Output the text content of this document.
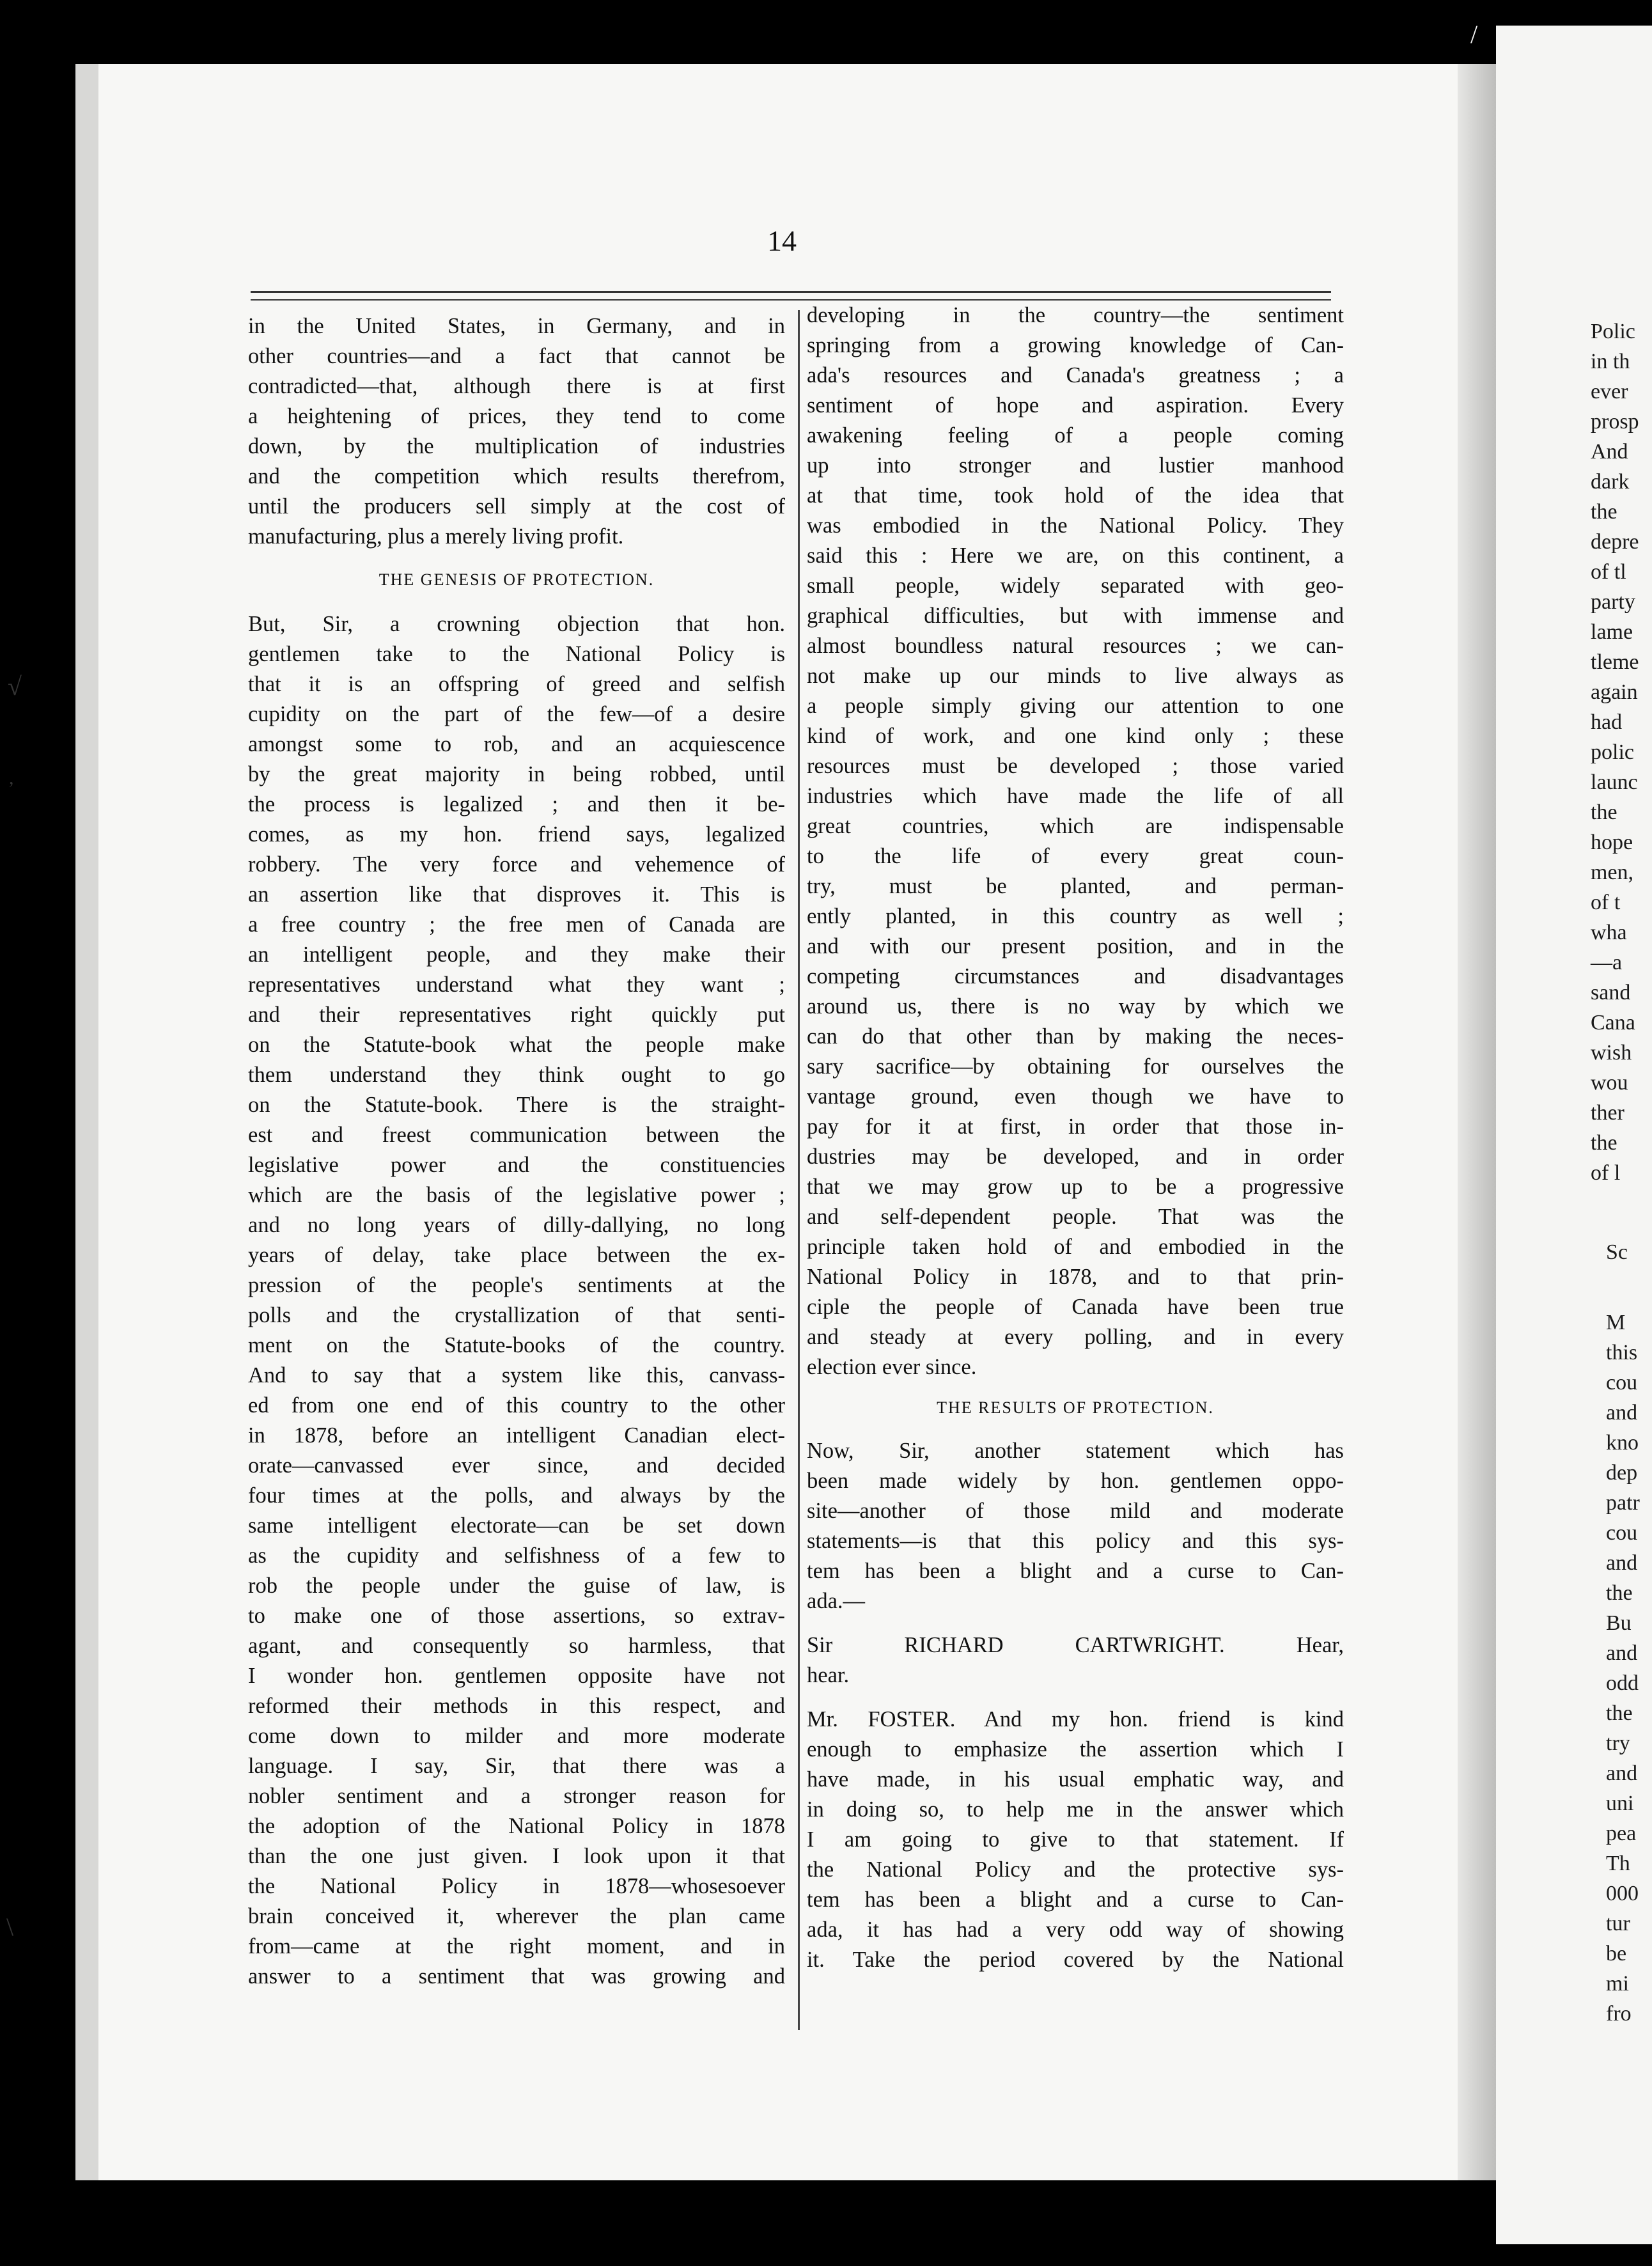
Polic
in th
ever
prosp
And
dark
the
depre
of tl
party
lame
tleme
again
had
polic
launc
the
hope
men,
of t
wha
—a
sand
Cana
wish
wou
ther
the
of l
Sc
M
this
cou
and
kno
dep
patr
cou
and
the
Bu
and
odd
the
try
and
uni
pea
Th
000
tur
be
mi
fro
14
in the United States, in Germany, and in
other countries—and a fact that cannot be
contradicted—that, although there is at first
a heightening of prices, they tend to come
down, by the multiplication of industries
and the competition which results therefrom,
until the producers sell simply at the cost of
manufacturing, plus a merely living profit.
THE GENESIS OF PROTECTION.
But, Sir, a crowning objection that hon.
gentlemen take to the National Policy is
that it is an offspring of greed and selfish
cupidity on the part of the few—of a desire
amongst some to rob, and an acquiescence
by the great majority in being robbed, until
the process is legalized ; and then it be-
comes, as my hon. friend says, legalized
robbery. The very force and vehemence of
an assertion like that disproves it. This is
a free country ; the free men of Canada are
an intelligent people, and they make their
representatives understand what they want ;
and their representatives right quickly put
on the Statute-book what the people make
them understand they think ought to go
on the Statute-book. There is the straight-
est and freest communication between the
legislative power and the constituencies
which are the basis of the legislative power ;
and no long years of dilly-dallying, no long
years of delay, take place between the ex-
pression of the people's sentiments at the
polls and the crystallization of that senti-
ment on the Statute-books of the country.
And to say that a system like this, canvass-
ed from one end of this country to the other
in 1878, before an intelligent Canadian elect-
orate—canvassed ever since, and decided
four times at the polls, and always by the
same intelligent electorate—can be set down
as the cupidity and selfishness of a few to
rob the people under the guise of law, is
to make one of those assertions, so extrav-
agant, and consequently so harmless, that
I wonder hon. gentlemen opposite have not
reformed their methods in this respect, and
come down to milder and more moderate
language. I say, Sir, that there was a
nobler sentiment and a stronger reason for
the adoption of the National Policy in 1878
than the one just given. I look upon it that
the National Policy in 1878—whosesoever
brain conceived it, wherever the plan came
from—came at the right moment, and in
answer to a sentiment that was growing and
developing in the country—the sentiment
springing from a growing knowledge of Can-
ada's resources and Canada's greatness ; a
sentiment of hope and aspiration. Every
awakening feeling of a people coming
up into stronger and lustier manhood
at that time, took hold of the idea that
was embodied in the National Policy. They
said this : Here we are, on this continent, a
small people, widely separated with geo-
graphical difficulties, but with immense and
almost boundless natural resources ; we can-
not make up our minds to live always as
a people simply giving our attention to one
kind of work, and one kind only ; these
resources must be developed ; those varied
industries which have made the life of all
great countries, which are indispensable
to the life of every great coun-
try, must be planted, and perman-
ently planted, in this country as well ;
and with our present position, and in the
competing circumstances and disadvantages
around us, there is no way by which we
can do that other than by making the neces-
sary sacrifice—by obtaining for ourselves the
vantage ground, even though we have to
pay for it at first, in order that those in-
dustries may be developed, and in order
that we may grow up to be a progressive
and self-dependent people. That was the
principle taken hold of and embodied in the
National Policy in 1878, and to that prin-
ciple the people of Canada have been true
and steady at every polling, and in every
election ever since.
THE RESULTS OF PROTECTION.
Now, Sir, another statement which has
been made widely by hon. gentlemen oppo-
site—another of those mild and moderate
statements—is that this policy and this sys-
tem has been a blight and a curse to Can-
ada.—
Sir RICHARD CARTWRIGHT. Hear,
hear.
Mr. FOSTER. And my hon. friend is kind
enough to emphasize the assertion which I
have made, in his usual emphatic way, and
in doing so, to help me in the answer which
I am going to give to that statement. If
the National Policy and the protective sys-
tem has been a blight and a curse to Can-
ada, it has had a very odd way of showing
it. Take the period covered by the National
√
,
\
/
